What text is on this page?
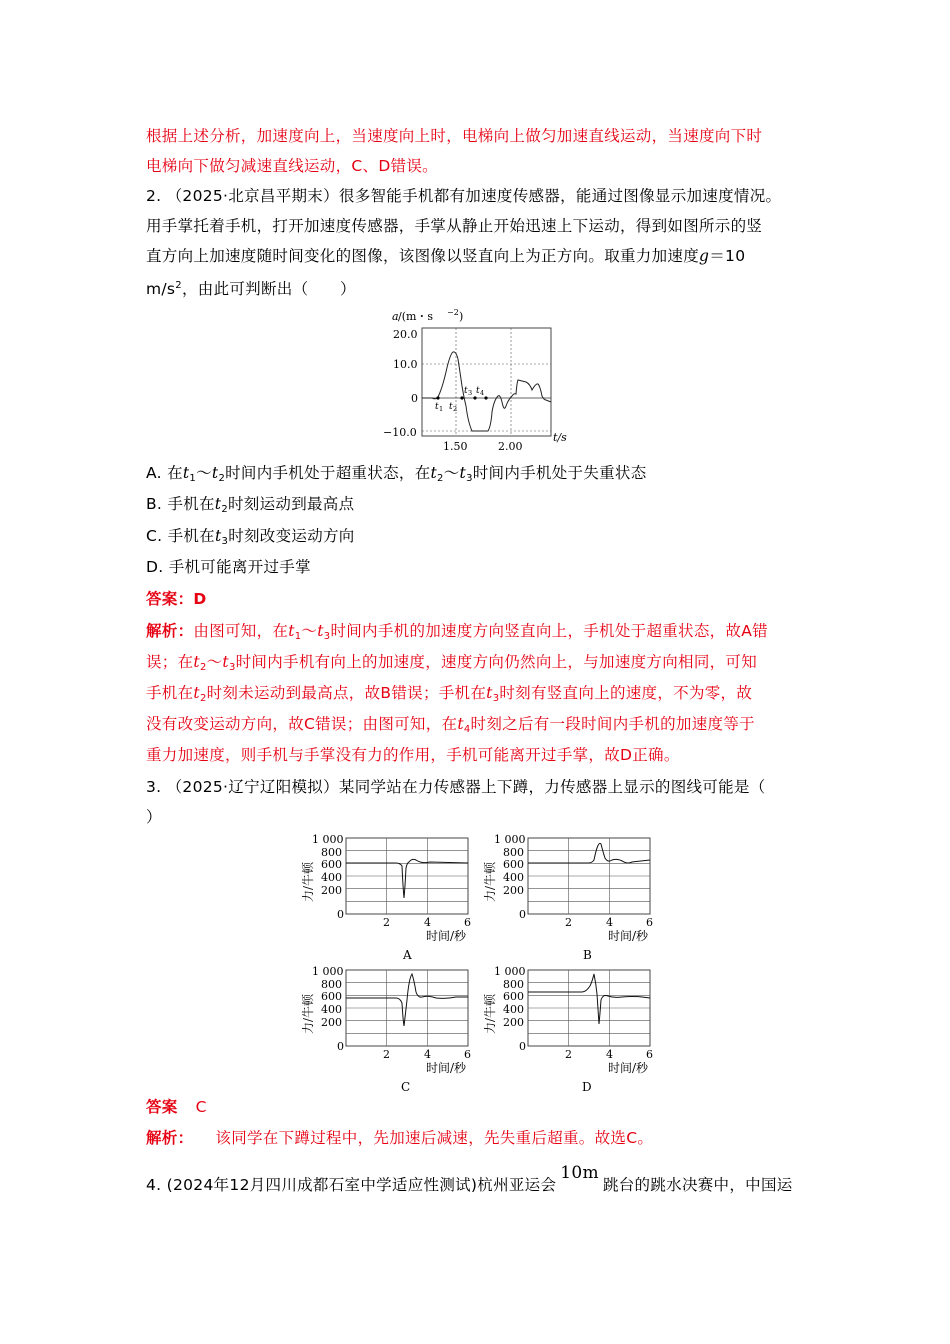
根据上述分析，加速度向上，当速度向上时，电梯向上做匀加速直线运动，当速度向下时
电梯向下做匀减速直线运动，C、D错误。
2. （2025·北京昌平期末）很多智能手机都有加速度传感器，能通过图像显示加速度情况。
用手掌托着手机，打开加速度传感器，手掌从静止开始迅速上下运动，得到如图所示的竖
直方向上加速度随时间变化的图像，该图像以竖直向上为正方向。取重力加速度g＝10
$m/s^2$，由此可判断出（　　）
a /(m・s −2 )
20.0
10.0
0
−10.0
1.50	2.00
t/s
t 1 t 2
t 3 t 4
A. 在$t_1\sim t_2$时间内手机处于超重状态，在$t_2\sim t_3$时间内手机处于失重状态
B. 手机在$t_2$时刻运动到最高点
C. 手机在$t_3$时刻改变运动方向
D. 手机可能离开过手掌
答案：D
解析：由图可知，在$t_1\sim t_3$时间内手机的加速度方向竖直向上，手机处于超重状态，故A错
误；在$t_2\sim t_3$时间内手机有向上的加速度，速度方向仍然向上，与加速度方向相同，可知
手机在$t_2$时刻未运动到最高点，故B错误；手机在$t_3$时刻有竖直向上的速度，不为零，故
没有改变运动方向，故C错误；由图可知，在$t_4$时刻之后有一段时间内手机的加速度等于
重力加速度，则手机与手掌没有力的作用，手机可能离开过手掌，故D正确。
3. （2025·辽宁辽阳模拟）某同学站在力传感器上下蹲，力传感器上显示的图线可能是（
）
1 000
800
600
400
200
0
2	4	6
时间/秒
A
力/牛顿
1 000
800
600
400
200
0
2	4	6
时间/秒
B
力/牛顿
1 000
800
600
400
200
0
2	4	6
时间/秒
C
力/牛顿
1 000
800
600
400
200
0
2	4	6
时间/秒
D
力/牛顿
答案 C
解析： 该同学在下蹲过程中，先加速后减速，先失重后超重。故选C。
4. (2024年12月四川成都石室中学适应性测试)杭州亚运会10m跳台的跳水决赛中，中国运
